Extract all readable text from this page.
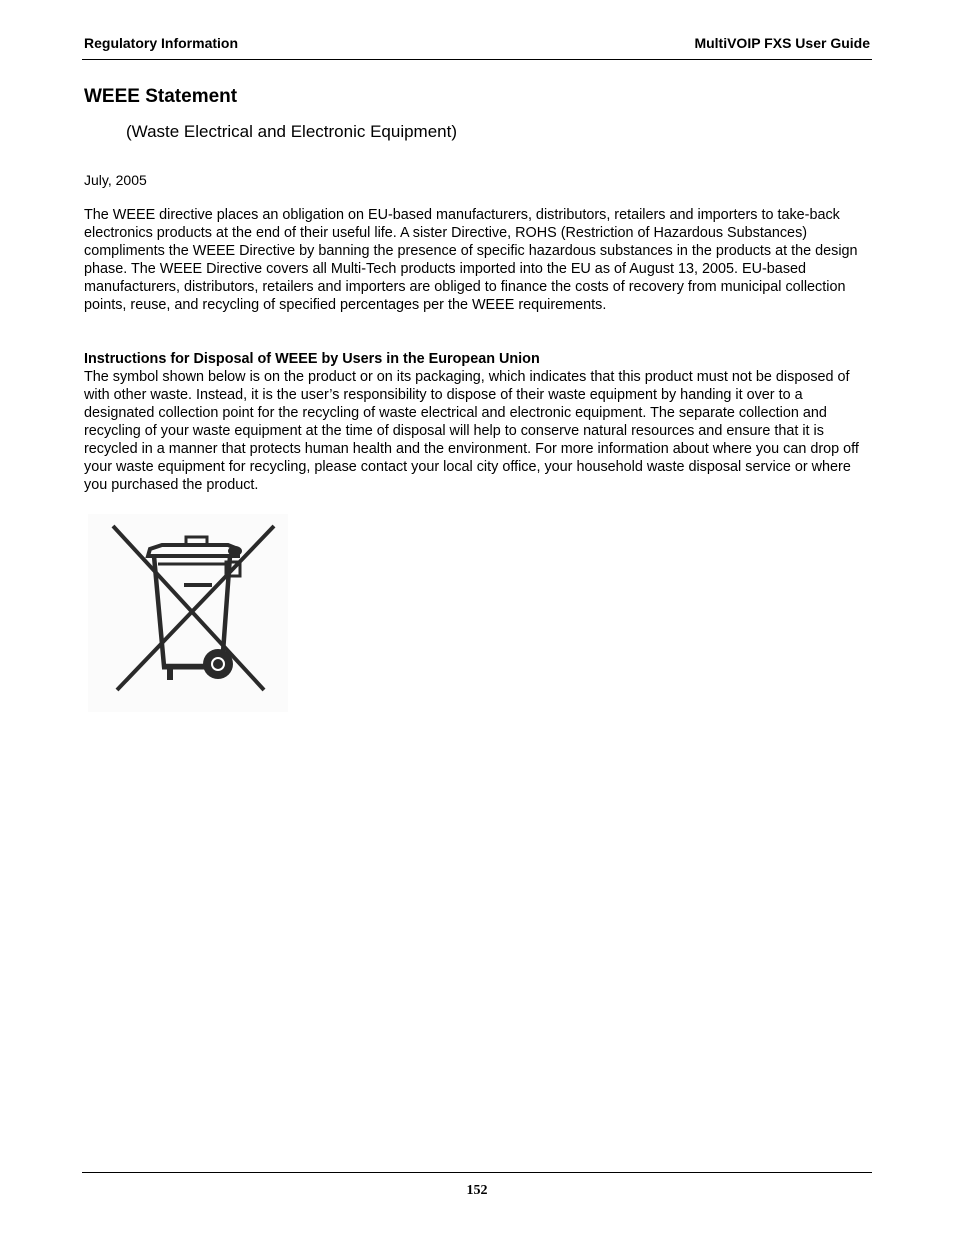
Regulatory Information	MultiVOIP FXS User Guide
WEEE Statement

(Waste Electrical and Electronic Equipment)

July, 2005

The WEEE directive places an obligation on EU-based manufacturers, distributors, retailers and importers to take-back electronics products at the end of their useful life. A sister Directive, ROHS (Restriction of Hazardous Substances) compliments the WEEE Directive by banning the presence of specific hazardous substances in the products at the design phase. The WEEE Directive covers all Multi-Tech products imported into the EU as of August 13, 2005. EU-based manufacturers, distributors, retailers and importers are obliged to finance the costs of recovery from municipal collection points, reuse, and recycling of specified percentages per the WEEE requirements.

Instructions for Disposal of WEEE by Users in the European Union

The symbol shown below is on the product or on its packaging, which indicates that this product must not be disposed of with other waste. Instead, it is the user’s responsibility to dispose of their waste equipment by handing it over to a designated collection point for the recycling of waste electrical and electronic equipment. The separate collection and recycling of your waste equipment at the time of disposal will help to conserve natural resources and ensure that it is recycled in a manner that protects human health and the environment. For more information about where you can drop off your waste equipment for recycling, please contact your local city office, your household waste disposal service or where you purchased the product.

152
